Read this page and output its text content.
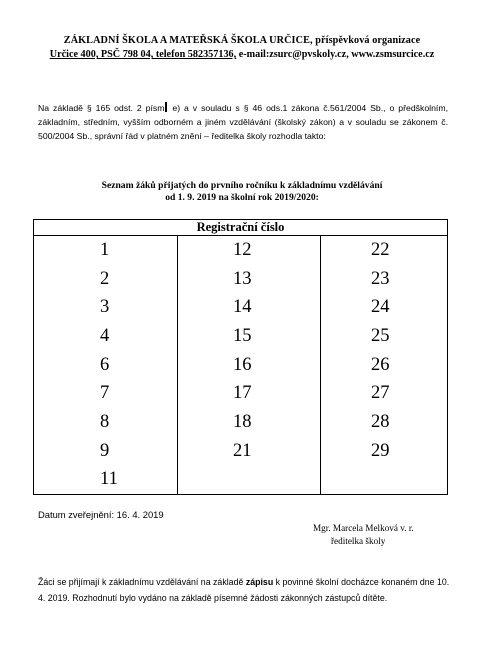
ZÁKLADNÍ ŠKOLA A MATEŘSKÁ ŠKOLA URČICE, příspěvková organizace
Určice 400, PSČ 798 04, telefon 582357136, e-mail:zsurc@pvskoly.cz, www.zsmsurcice.cz
Na základě § 165 odst. 2 písm e) a v souladu s § 46 ods.1 zákona č.561/2004 Sb., o předškolním, základním, středním, vyšším odborném a jiném vzdělávání (školský zákon) a v souladu se zákonem č. 500/2004 Sb., správní řád v platném znění – ředitelka školy rozhodla takto:
Seznam žáků přijatých do prvního ročníku k základnímu vzdělávání
od 1. 9. 2019 na školní rok 2019/2020:
Registrační číslo		
1	12	22
2	13	23
3	14	24
4	15	25
6	16	26
7	17	27
8	18	28
9	21	29
11		
Datum zveřejnění: 16. 4. 2019
Mgr. Marcela Melková v. r.
ředitelka školy
Žáci se přijímají k základnímu vzdělávání na základě zápisu k povinné školní docházce konaném dne 10. 4. 2019. Rozhodnutí bylo vydáno na základě písemné žádosti zákonných zástupců dítěte.
